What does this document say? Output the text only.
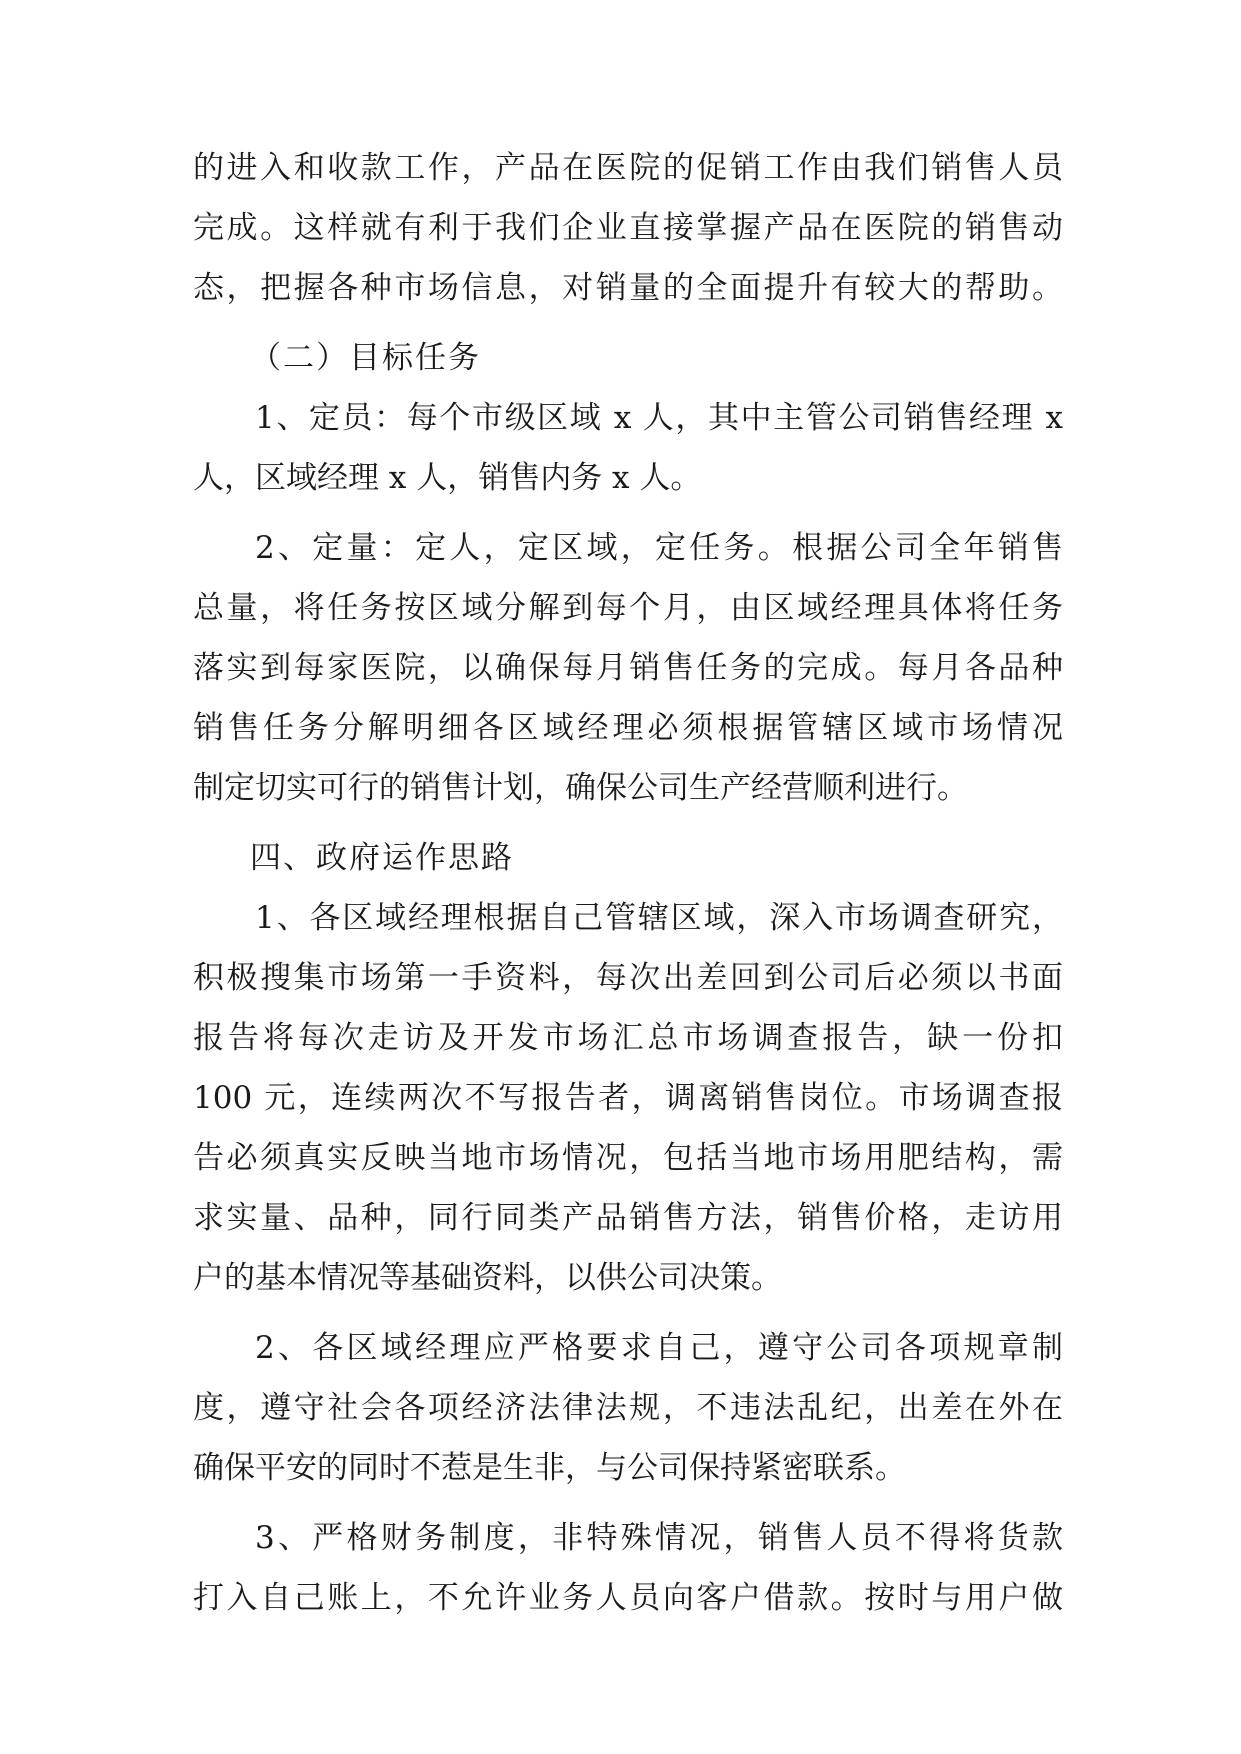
的进入和收款工作，产品在医院的促销工作由我们销售人员

完成。这样就有利于我们企业直接掌握产品在医院的销售动

态，把握各种市场信息，对销量的全面提升有较大的帮助。

（二）目标任务

1、定员：每个市级区域 x 人，其中主管公司销售经理 x

人，区域经理 x 人，销售内务 x 人。

2、定量：定人，定区域，定任务。根据公司全年销售

总量，将任务按区域分解到每个月，由区域经理具体将任务

落实到每家医院，以确保每月销售任务的完成。每月各品种

销售任务分解明细各区域经理必须根据管辖区域市场情况

制定切实可行的销售计划，确保公司生产经营顺利进行。

四、政府运作思路

1、各区域经理根据自己管辖区域，深入市场调查研究，

积极搜集市场第一手资料，每次出差回到公司后必须以书面

报告将每次走访及开发市场汇总市场调查报告，缺一份扣

100 元，连续两次不写报告者，调离销售岗位。市场调查报

告必须真实反映当地市场情况，包括当地市场用肥结构，需

求实量、品种，同行同类产品销售方法，销售价格，走访用

户的基本情况等基础资料，以供公司决策。

2、各区域经理应严格要求自己，遵守公司各项规章制

度，遵守社会各项经济法律法规，不违法乱纪，出差在外在

确保平安的同时不惹是生非，与公司保持紧密联系。

3、严格财务制度，非特殊情况，销售人员不得将货款

打入自己账上，不允许业务人员向客户借款。按时与用户做
